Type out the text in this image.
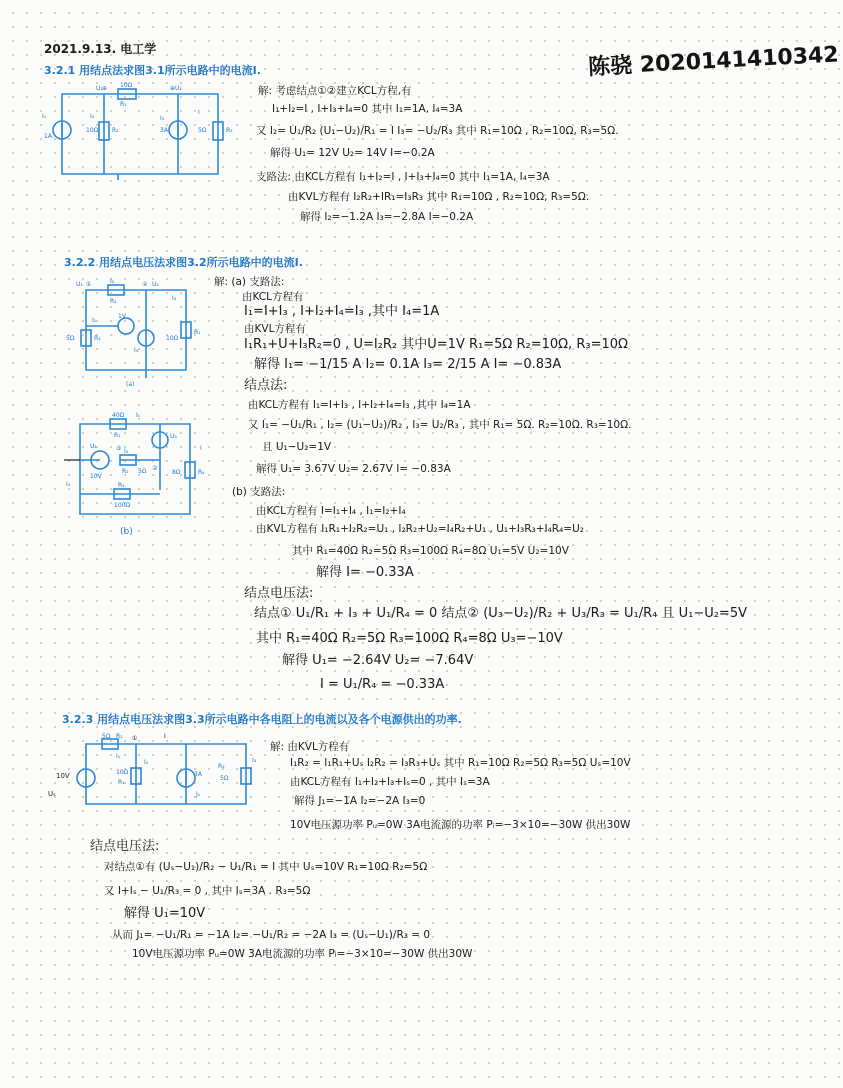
2021.9.13. 电工学	陈骁 2020141410342
3.2.1 用结点法求图3.1所示电路中的电流I.
U₁ ⊕ 10Ω
R₁
⊕U₂
I₁
1A
I₂
10Ω R₂
I₃
3A
I
5Ω	R₃
解: 考虑结点①②建立KCL方程,有
I₁+I₂=I , I+I₃+I₄=0 其中 I₁=1A, I₄=3A
又 I₂= U₁/R₂ (U₁−U₂)/R₁ = I I₃= −U₂/R₃ 其中 R₁=10Ω , R₂=10Ω, R₃=5Ω.
解得 U₁= 12V U₂= 14V I=−0.2A
支路法: 由KCL方程有 I₁+I₂=I , I+I₃+I₄=0 其中 I₁=1A, I₄=3A
由KVL方程有 I₂R₂+IR₁=I₃R₃ 其中 R₁=10Ω , R₂=10Ω, R₃=5Ω.
解得 I₂=−1.2A I₃=−2.8A I=−0.2A
3.2.2 用结点电压法求图3.2所示电路中的电流I.
U₁ ①	I₂
R₂
② U₂
I₃
5Ω	R₃
I₁
1V
R₁
10Ω
I₄
(a)
40Ω I₁
R₁	U₃
U₁	③ I₂
R₂ 5Ω ②
10V
I
8Ω	R₄
I₃	R₃
100Ω
(b)
解: (a) 支路法:
由KCL方程有
I₁=I+I₃ , I+I₂+I₄=I₃ ,其中 I₄=1A
由KVL方程有
I₁R₁+U+I₃R₂=0 , U=I₂R₂ 其中U=1V R₁=5Ω R₂=10Ω, R₃=10Ω
解得 I₁= −1/15 A I₂= 0.1A I₃= 2/15 A I= −0.83A
结点法:
由KCL方程有 I₁=I+I₃ , I+I₂+I₄=I₃ ,其中 I₄=1A
又 I₁= −U₁/R₁ , I₂= (U₁−U₂)/R₂ , I₃= U₂/R₃ , 其中 R₁= 5Ω. R₂=10Ω. R₃=10Ω.
且 U₁−U₂=1V
解得 U₁= 3.67V U₂= 2.67V I= −0.83A
(b) 支路法:
由KCL方程有 I=I₁+I₄ , I₁=I₂+I₄
由KVL方程有 I₁R₁+I₂R₂=U₁ , I₂R₂+U₂=I₄R₂+U₁ , U₁+I₃R₃+I₄R₄=U₂
其中 R₁=40Ω R₂=5Ω R₃=100Ω R₄=8Ω U₁=5V U₂=10V
解得 I= −0.33A
结点电压法:
结点① U₁/R₁ + I₃ + U₁/R₄ = 0 结点② (U₃−U₂)/R₂ + U₃/R₃ = U₁/R₄ 且 U₁−U₂=5V
其中 R₁=40Ω R₂=5Ω R₃=100Ω R₄=8Ω U₃=−10V
解得 U₁= −2.64V U₂= −7.64V
I = U₁/R₄ = −0.33A
3.2.3 用结点电压法求图3.3所示电路中各电阻上的电流以及各个电源供出的功率.
5Ω R₂ ①	I
I₂
10Ω
R₁
I₁
10V
Uₛ
3A
J₁
R₃
5Ω
I₃
解: 由KVL方程有
I₁R₂ = I₁R₁+Uₛ I₂R₂ = I₃R₃+Uₛ 其中 R₁=10Ω R₂=5Ω R₃=5Ω Uₛ=10V
由KCL方程有 I₁+I₂+I₃+Iₛ=0 , 其中 Iₛ=3A
解得 J₁=−1A I₂=−2A I₃=0
10V电压源功率 Pᵤ=0W 3A电流源的功率 Pᵢ=−3×10=−30W 供出30W
结点电压法:
对结点①有 (Uₛ−U₁)/R₂ − U₁/R₁ = I 其中 Uₛ=10V R₁=10Ω R₂=5Ω
又 I+Iₛ − U₁/R₃ = 0 , 其中 Iₛ=3A . R₃=5Ω
解得 U₁=10V
从而 J₁= −U₁/R₁ = −1A I₂= −U₁/R₂ = −2A I₃ = (Uₛ−U₁)/R₃ = 0
10V电压源功率 Pᵤ=0W 3A电流源的功率 Pᵢ=−3×10=−30W 供出30W
